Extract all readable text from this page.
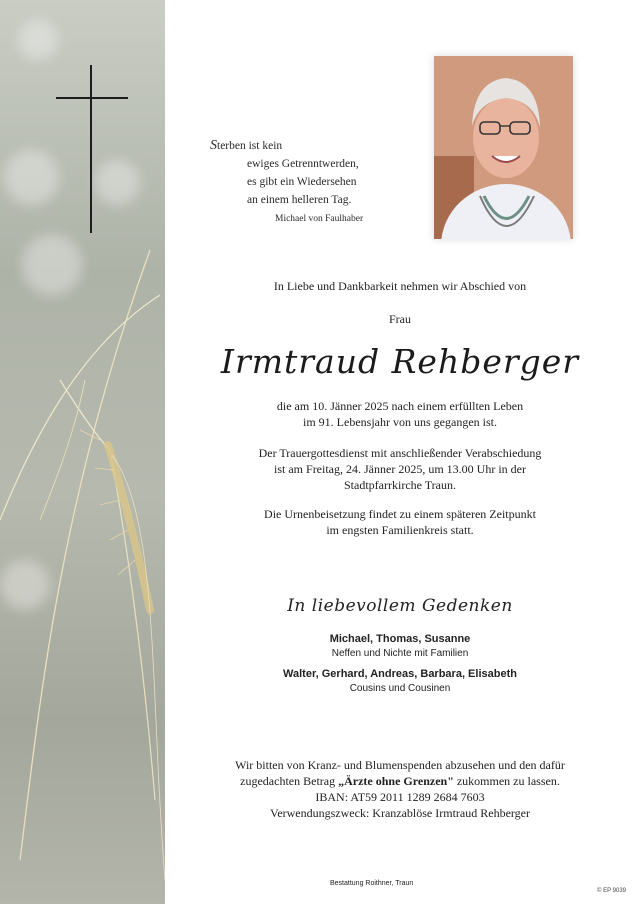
Sterben ist kein
ewiges Getrenntwerden,
es gibt ein Wiedersehen
an einem helleren Tag.
Michael von Faulhaber
In Liebe und Dankbarkeit nehmen wir Abschied von
Frau
Irmtraud Rehberger
die am 10. Jänner 2025 nach einem erfüllten Leben
im 91. Lebensjahr von uns gegangen ist.
Der Trauergottesdienst mit anschließender Verabschiedung
ist am Freitag, 24. Jänner 2025, um 13.00 Uhr in der
Stadtpfarrkirche Traun.
Die Urnenbeisetzung findet zu einem späteren Zeitpunkt
im engsten Familienkreis statt.
In liebevollem Gedenken
Michael, Thomas, Susanne
Neffen und Nichte mit Familien
Walter, Gerhard, Andreas, Barbara, Elisabeth
Cousins und Cousinen
Wir bitten von Kranz- und Blumenspenden abzusehen und den dafür
zugedachten Betrag „Ärzte ohne Grenzen" zukommen zu lassen.
IBAN: AT59 2011 1289 2684 7603
Verwendungszweck: Kranzablöse Irmtraud Rehberger
Bestattung Roithner, Traun
© EP 9039
